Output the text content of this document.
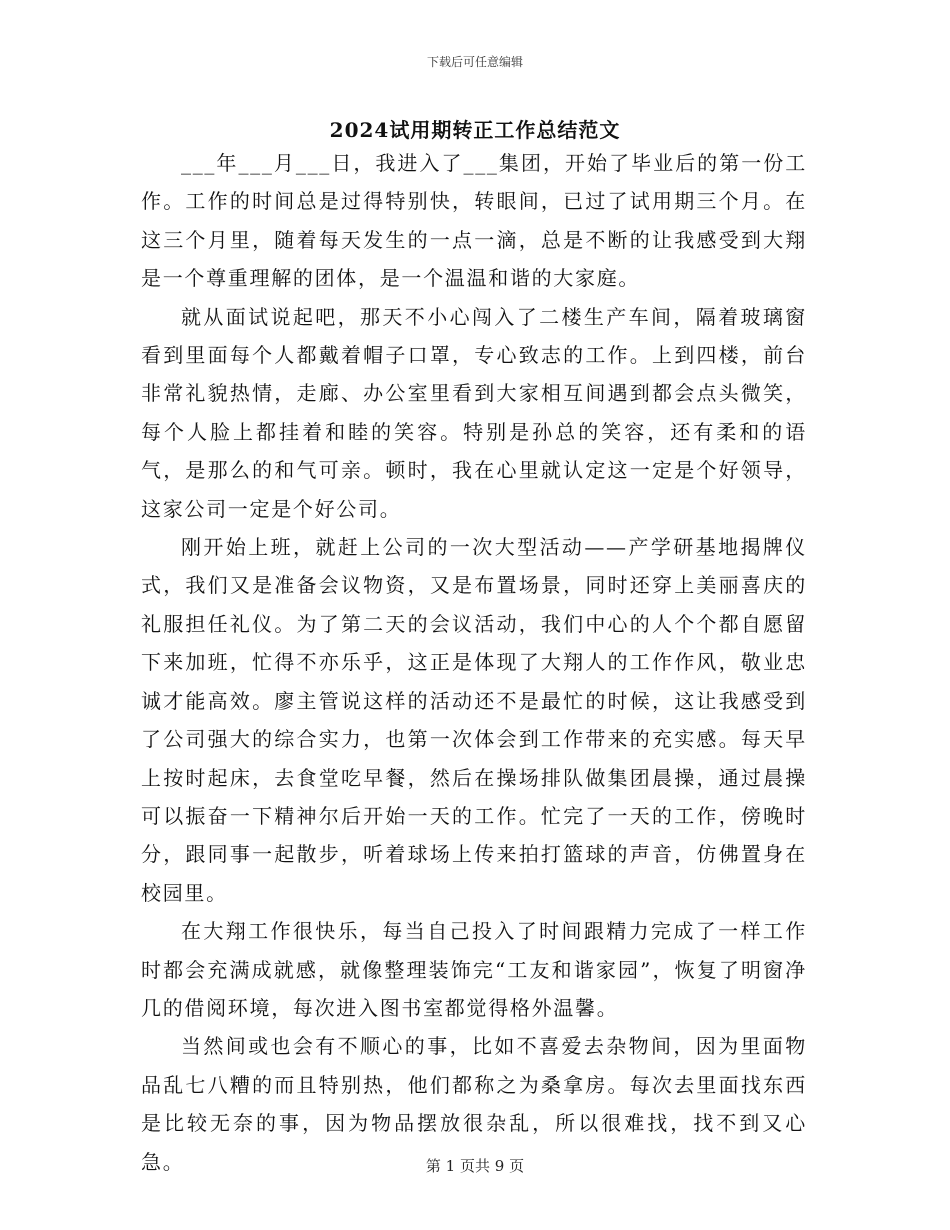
下载后可任意编辑
2024试用期转正工作总结范文

___年___月___日，我进入了___集团，开始了毕业后的第一份工作。工作的时间总是过得特别快，转眼间，已过了试用期三个月。在这三个月里，随着每天发生的一点一滴，总是不断的让我感受到大翔是一个尊重理解的团体，是一个温温和谐的大家庭。

就从面试说起吧，那天不小心闯入了二楼生产车间，隔着玻璃窗看到里面每个人都戴着帽子口罩，专心致志的工作。上到四楼，前台非常礼貌热情，走廊、办公室里看到大家相互间遇到都会点头微笑，每个人脸上都挂着和睦的笑容。特别是孙总的笑容，还有柔和的语气，是那么的和气可亲。顿时，我在心里就认定这一定是个好领导，这家公司一定是个好公司。

刚开始上班，就赶上公司的一次大型活动——产学研基地揭牌仪式，我们又是准备会议物资，又是布置场景，同时还穿上美丽喜庆的礼服担任礼仪。为了第二天的会议活动，我们中心的人个个都自愿留下来加班，忙得不亦乐乎，这正是体现了大翔人的工作作风，敬业忠诚才能高效。廖主管说这样的活动还不是最忙的时候，这让我感受到了公司强大的综合实力，也第一次体会到工作带来的充实感。每天早上按时起床，去食堂吃早餐，然后在操场排队做集团晨操，通过晨操可以振奋一下精神尔后开始一天的工作。忙完了一天的工作，傍晚时分，跟同事一起散步，听着球场上传来拍打篮球的声音，仿佛置身在校园里。

在大翔工作很快乐，每当自己投入了时间跟精力完成了一样工作时都会充满成就感，就像整理装饰完“工友和谐家园”，恢复了明窗净几的借阅环境，每次进入图书室都觉得格外温馨。

当然间或也会有不顺心的事，比如不喜爱去杂物间，因为里面物品乱七八糟的而且特别热，他们都称之为桑拿房。每次去里面找东西是比较无奈的事，因为物品摆放很杂乱，所以很难找，找不到又心急。	第 1 页共 9 页
